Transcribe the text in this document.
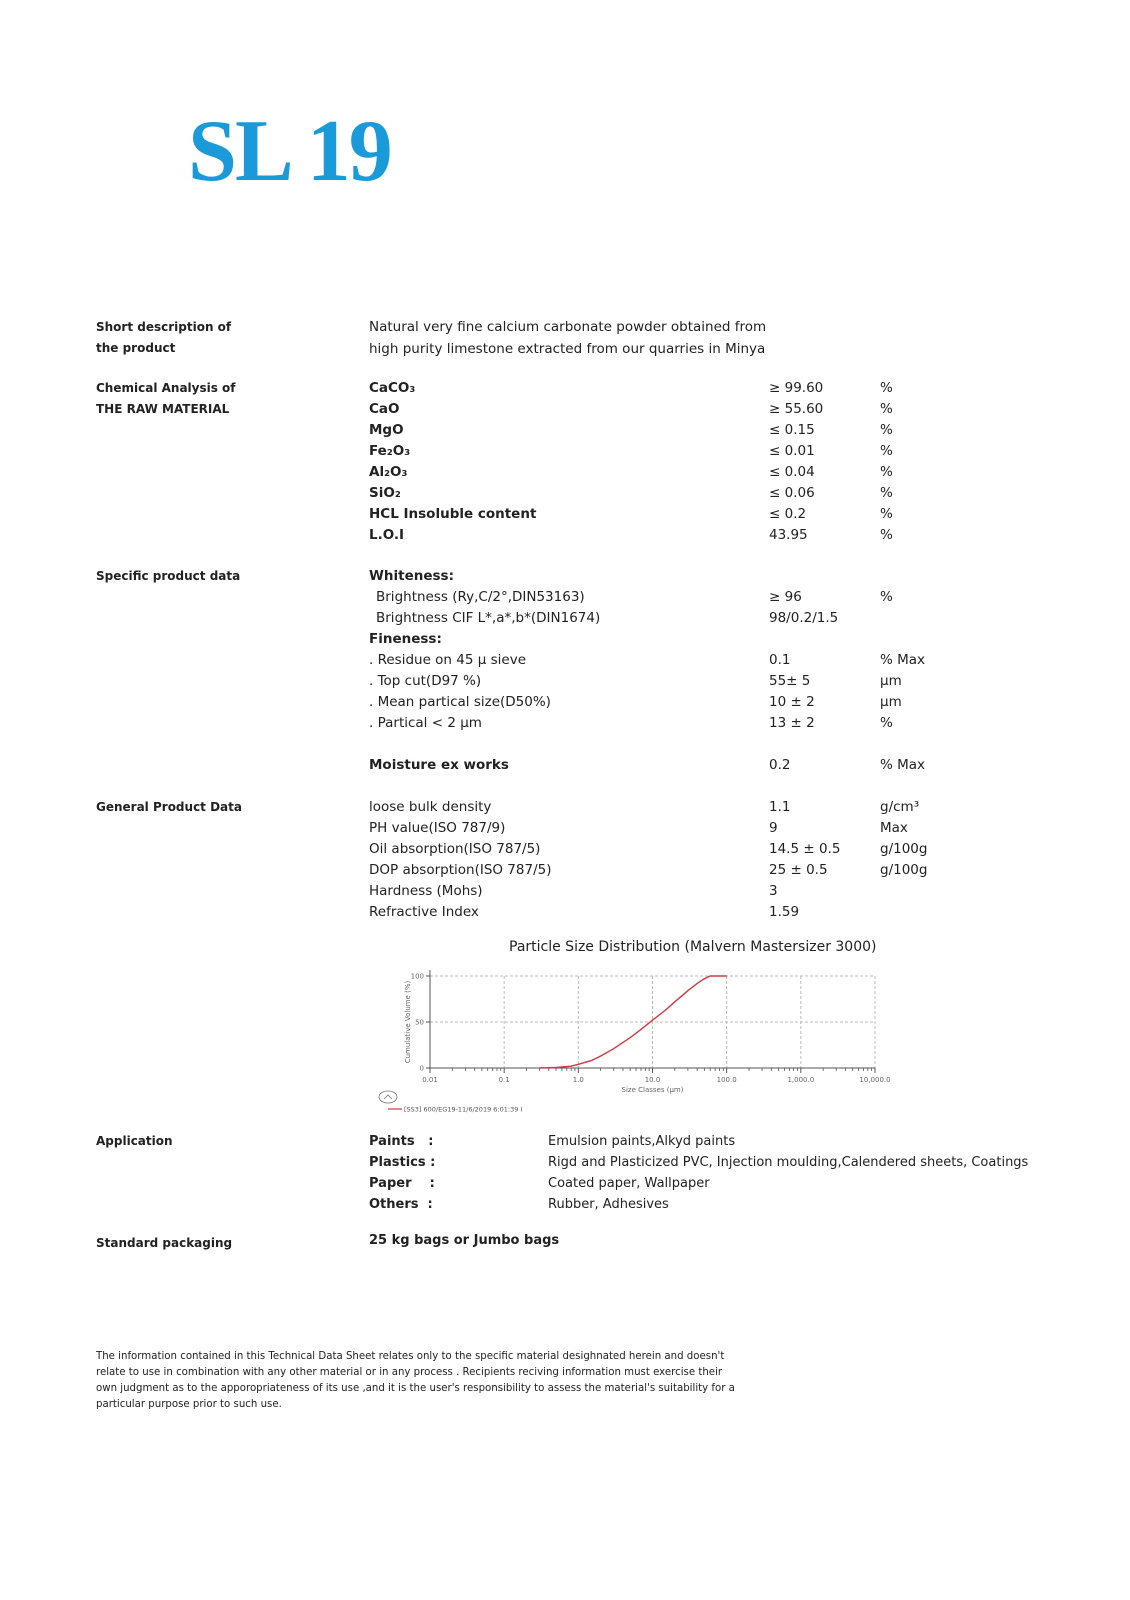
SL 19
Short description of
the product
Natural very fine calcium carbonate powder obtained from
high purity limestone extracted from our quarries in Minya
Chemical Analysis of
THE RAW MATERIAL
CaCO₃	≥ 99.60	%
CaO	≥ 55.60	%
MgO	≤ 0.15	%
Fe₂O₃	≤ 0.01	%
Al₂O₃	≤ 0.04	%
SiO₂	≤ 0.06	%
HCL Insoluble content	≤ 0.2	%
L.O.I	43.95	%
Specific product data	Whiteness:
Brightness (Ry,C/2°,DIN53163)	≥ 96	%
Brightness CIF L*,a*,b*(DIN1674)	98/0.2/1.5
Fineness:
. Residue on 45 μ sieve	0.1	% Max
. Top cut(D97 %)	55± 5	μm
. Mean partical size(D50%)	10 ± 2	μm
. Partical < 2 μm	13 ± 2	%
Moisture ex works	0.2	% Max
General Product Data	loose bulk density	1.1	g/cm³
PH value(ISO 787/9)	9	Max
Oil absorption(ISO 787/5)	14.5 ± 0.5	g/100g
DOP absorption(ISO 787/5)	25 ± 0.5	g/100g
Hardness (Mohs)	3
Refractive Index	1.59
Particle Size Distribution (Malvern Mastersizer 3000)
0.01	0.1	1.0	10.0	100.0	1,000.0	10,000.0
0
50
100
Size Classes (μm)
Cumulative Volume (%)
[SS3] 600/EG19-11/6/2019 6:01:39 I
Application	Paints   :	Emulsion paints,Alkyd paints
Plastics :	Rigd and Plasticized PVC, Injection moulding,Calendered sheets, Coatings
Paper    :	Coated paper, Wallpaper
Others  :	Rubber, Adhesives
Standard packaging	25 kg bags or Jumbo bags
The information contained in this Technical Data Sheet relates only to the specific material desighnated herein and doesn't relate to use in combination with any other material or in any process . Recipients reciving information must exercise their own judgment as to the apporopriateness of its use ,and it is the user's responsibility to assess the material's suitability for a particular purpose prior to such use.
